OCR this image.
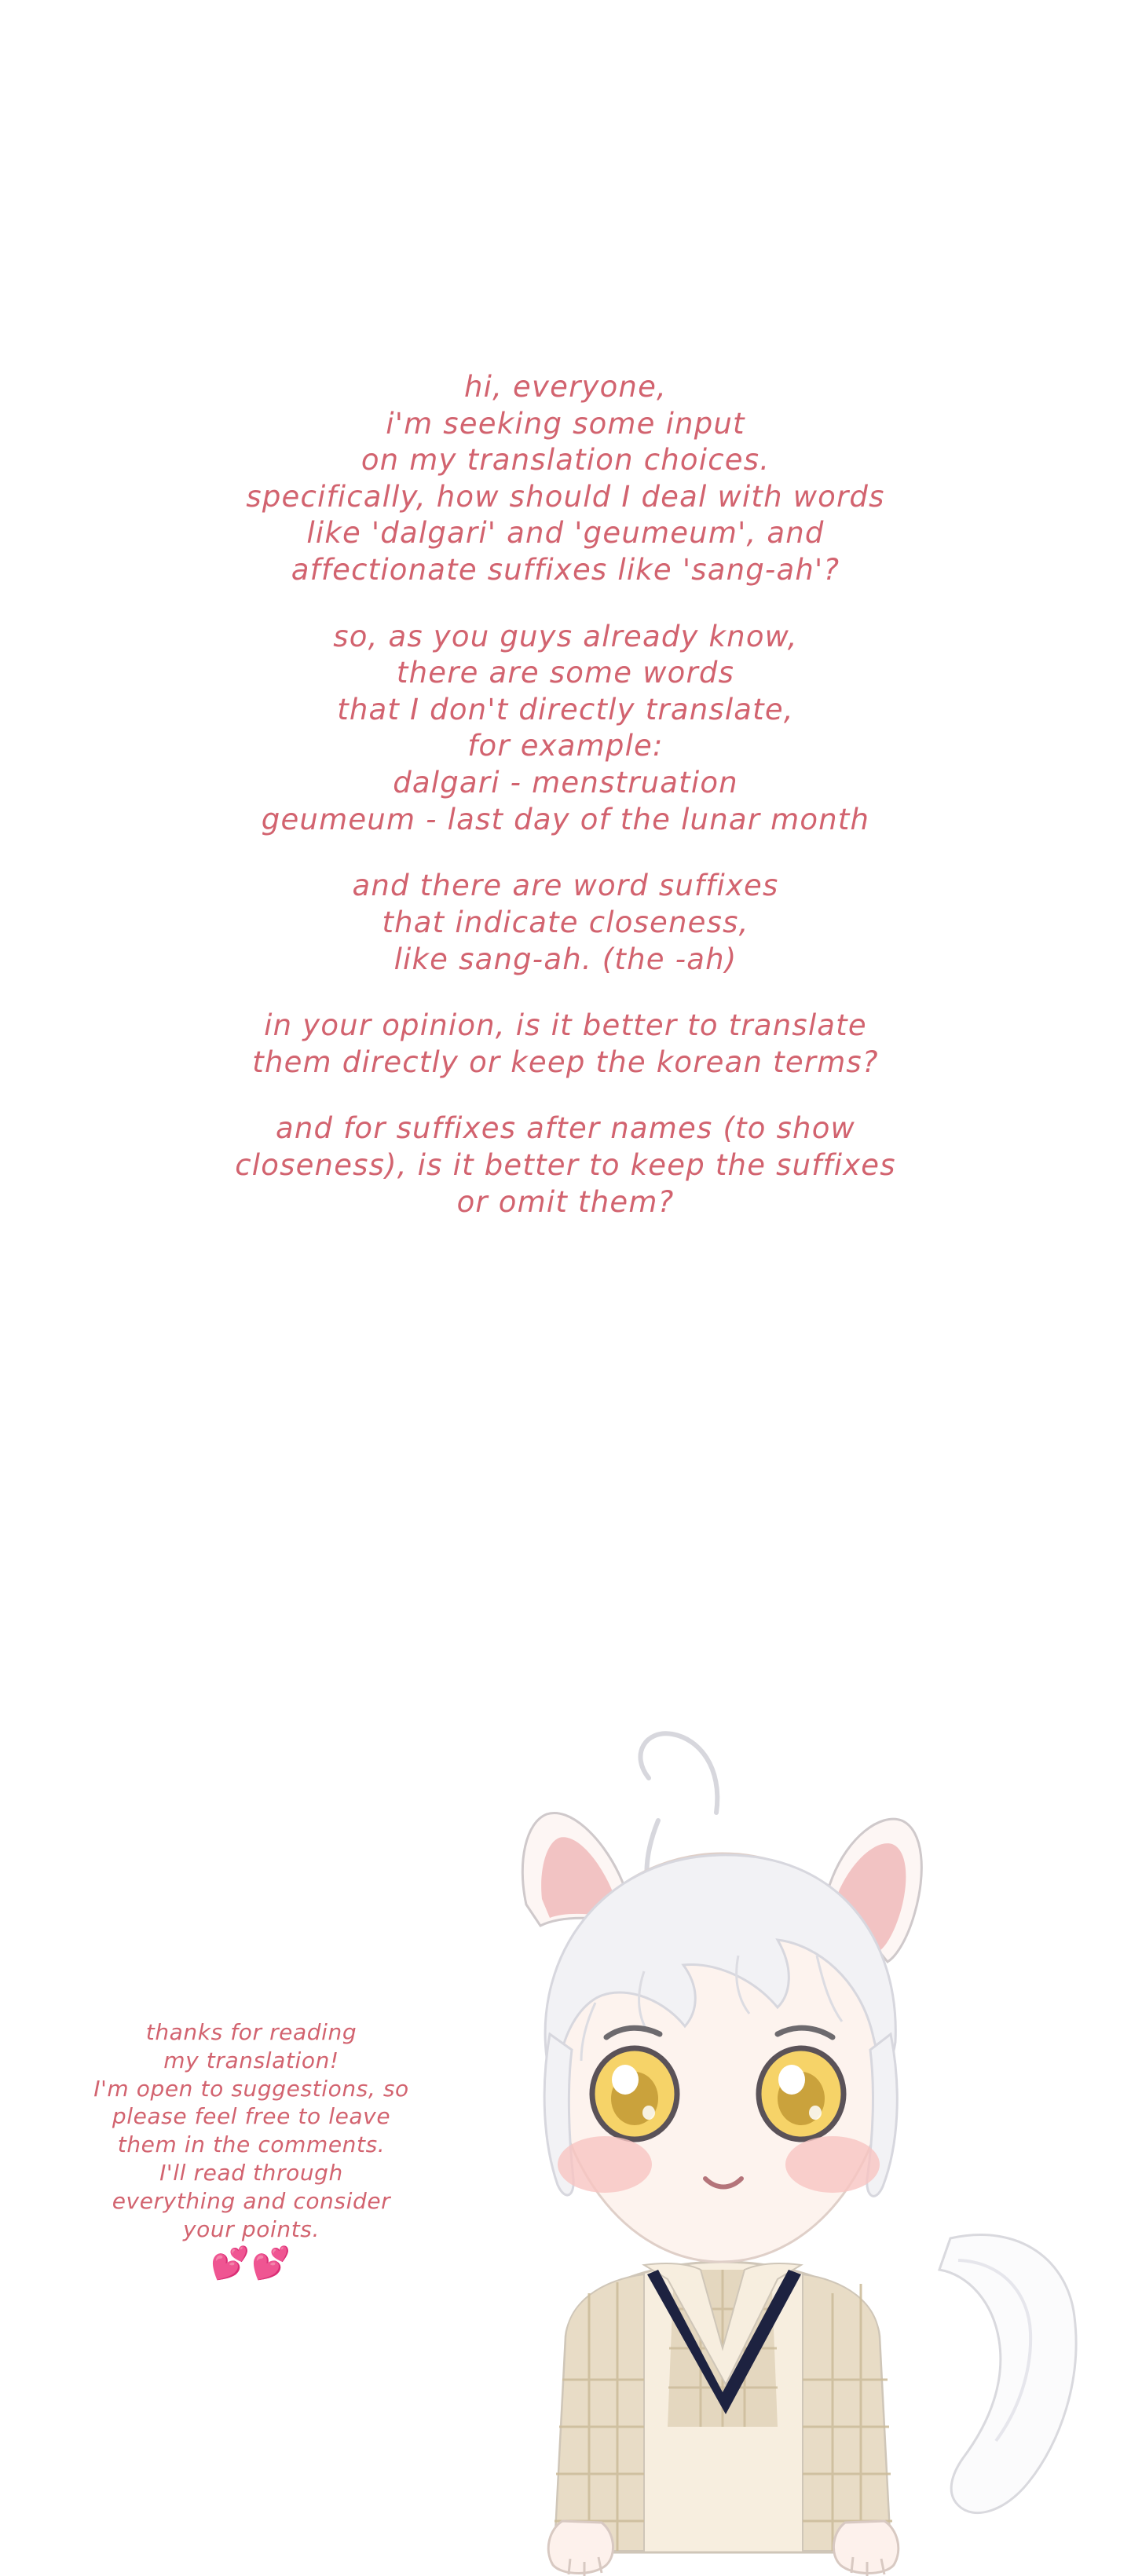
hi, everyone,
i'm seeking some input
on my translation choices.
specifically, how should I deal with words
like 'dalgari' and 'geumeum', and
affectionate suffixes like 'sang-ah'?

so, as you guys already know,
there are some words
that I don't directly translate,
for example:
dalgari - menstruation
geumeum - last day of the lunar month

and there are word suffixes
that indicate closeness,
like sang-ah. (the -ah)

in your opinion, is it better to translate
them directly or keep the korean terms?

and for suffixes after names (to show
closeness), is it better to keep the suffixes
or omit them?

thanks for reading
my translation!
I'm open to suggestions, so
please feel free to leave
them in the comments.
I'll read through
everything and consider
your points.
💕💕
